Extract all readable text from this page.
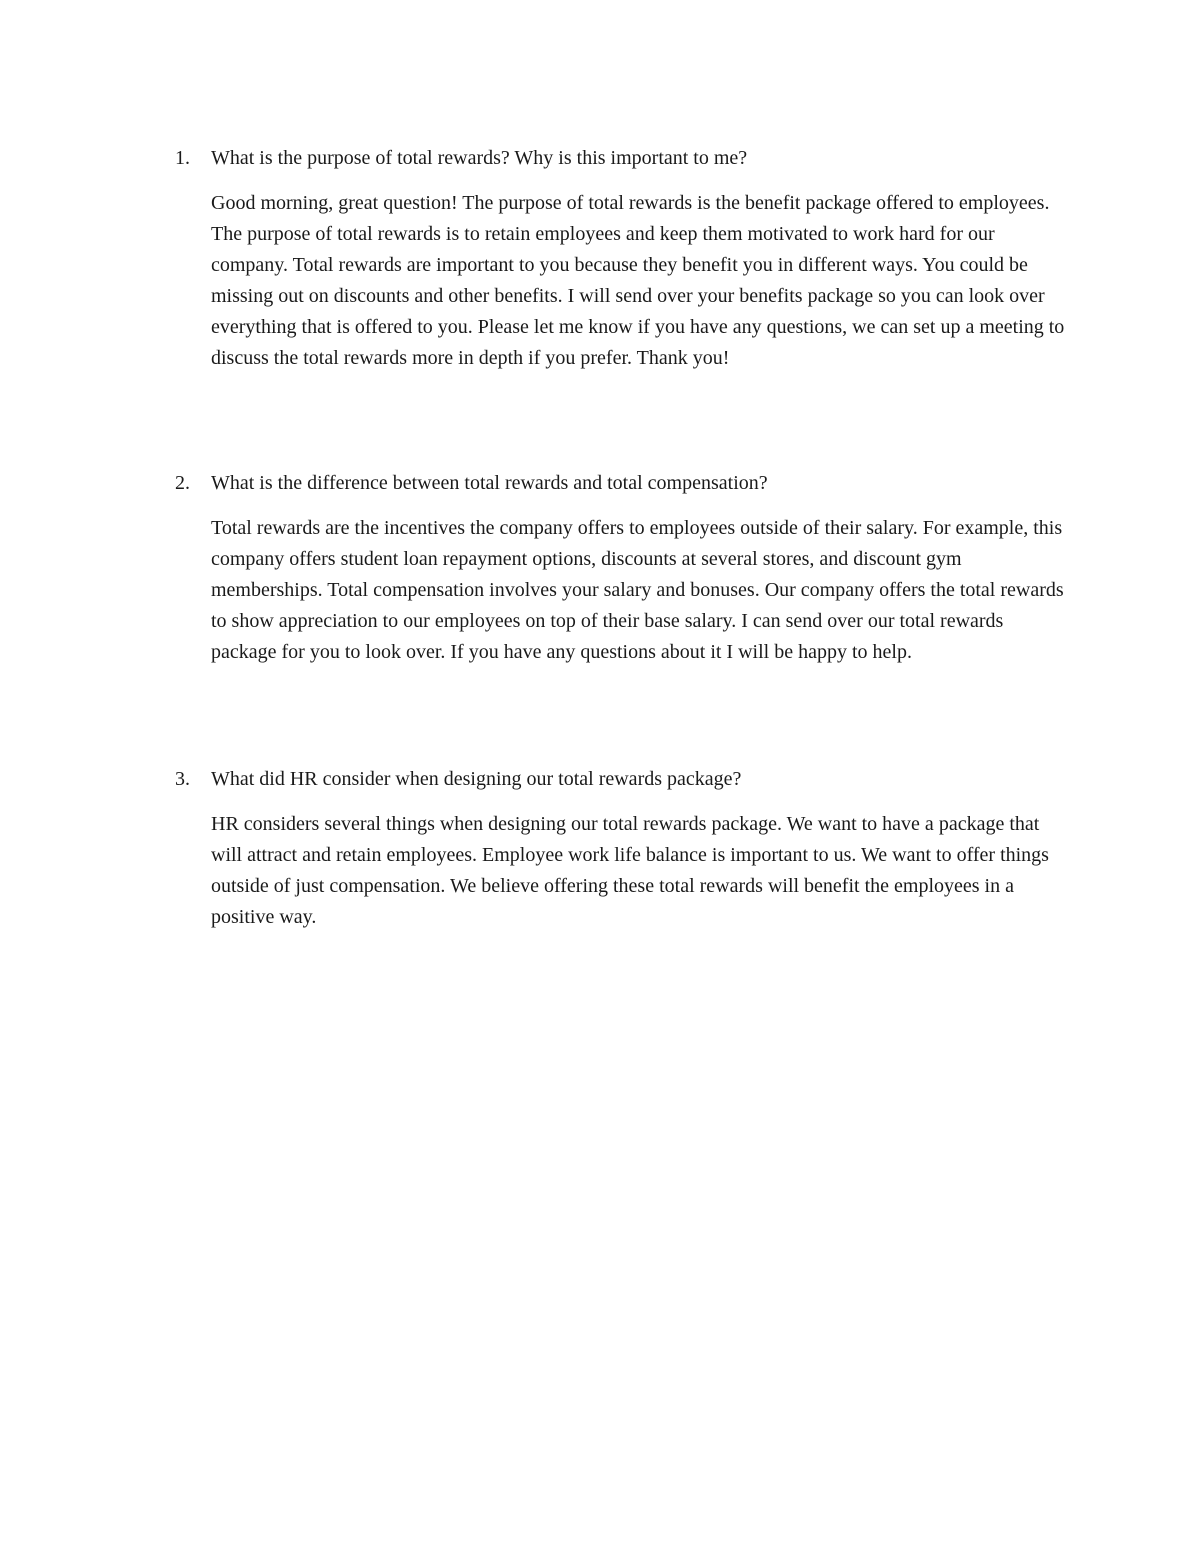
1.	What is the purpose of total rewards? Why is this important to me?
Good morning, great question! The purpose of total rewards is the benefit package offered to employees. The purpose of total rewards is to retain employees and keep them motivated to work hard for our company. Total rewards are important to you because they benefit you in different ways. You could be missing out on discounts and other benefits. I will send over your benefits package so you can look over everything that is offered to you. Please let me know if you have any questions, we can set up a meeting to discuss the total rewards more in depth if you prefer. Thank you!
2.	What is the difference between total rewards and total compensation?
Total rewards are the incentives the company offers to employees outside of their salary. For example, this company offers student loan repayment options, discounts at several stores, and discount gym memberships. Total compensation involves your salary and bonuses. Our company offers the total rewards to show appreciation to our employees on top of their base salary. I can send over our total rewards package for you to look over. If you have any questions about it I will be happy to help.
3.	What did HR consider when designing our total rewards package?
HR considers several things when designing our total rewards package. We want to have a package that will attract and retain employees. Employee work life balance is important to us. We want to offer things outside of just compensation. We believe offering these total rewards will benefit the employees in a positive way.
